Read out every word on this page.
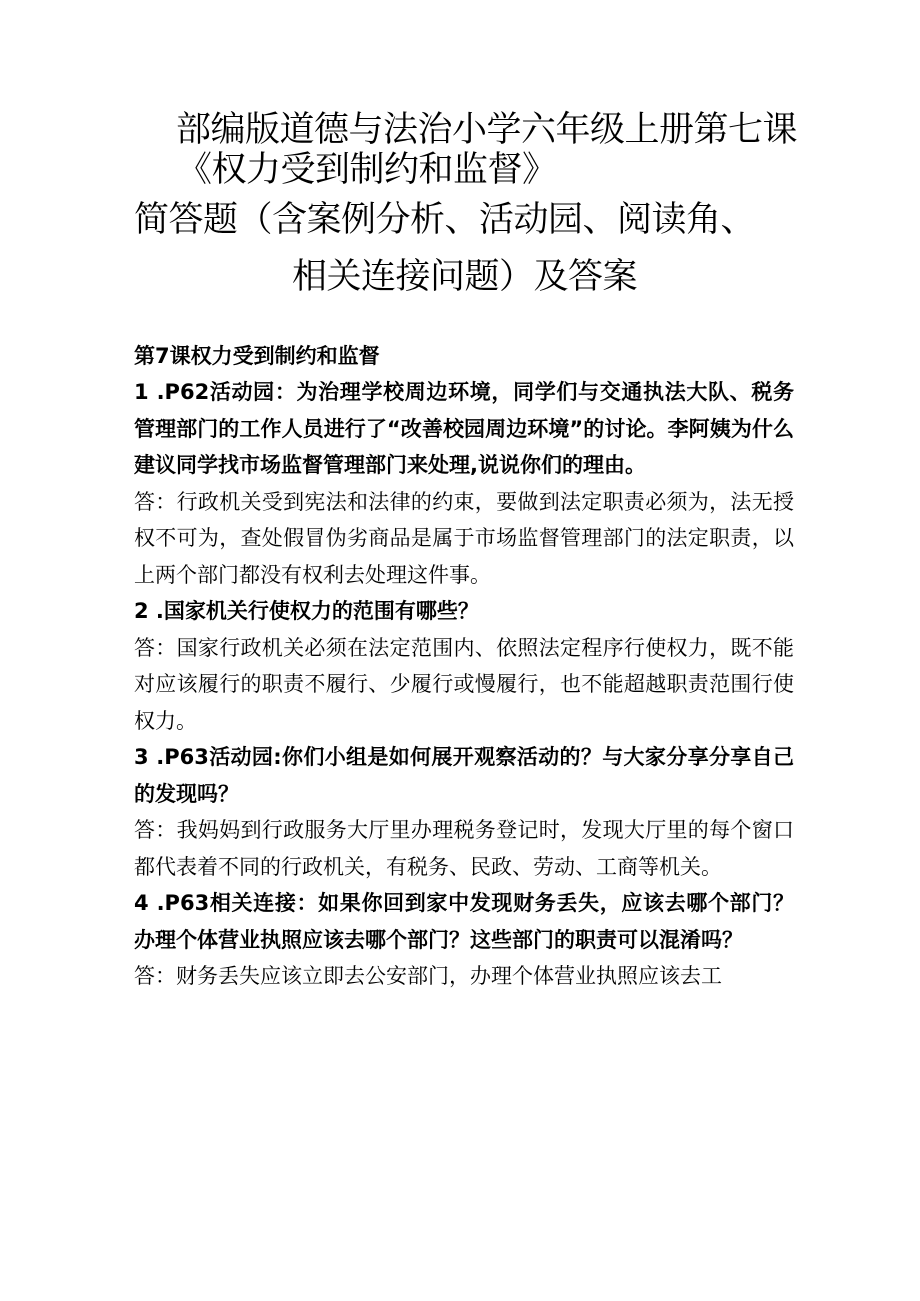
部编版道德与法治小学六年级上册第七课
《权力受到制约和监督》
简答题（含案例分析、活动园、阅读角、
相关连接问题）及答案

第7课权力受到制约和监督

1 .P62活动园：为治理学校周边环境，同学们与交通执法大队、税务管理部门的工作人员进行了“改善校园周边环境”的讨论。李阿姨为什么建议同学找市场监督管理部门来处理,说说你们的理由。

答：行政机关受到宪法和法律的约束，要做到法定职责必须为，法无授权不可为，查处假冒伪劣商品是属于市场监督管理部门的法定职责，以上两个部门都没有权利去处理这件事。

2 .国家机关行使权力的范围有哪些？

答：国家行政机关必须在法定范围内、依照法定程序行使权力，既不能对应该履行的职责不履行、少履行或慢履行，也不能超越职责范围行使权力。

3 .P63活动园:你们小组是如何展开观察活动的？与大家分享分享自己的发现吗？

答：我妈妈到行政服务大厅里办理税务登记时，发现大厅里的每个窗口都代表着不同的行政机关，有税务、民政、劳动、工商等机关。

4 .P63相关连接：如果你回到家中发现财务丢失，应该去哪个部门？办理个体营业执照应该去哪个部门？这些部门的职责可以混淆吗？

答：财务丢失应该立即去公安部门，办理个体营业执照应该去工
